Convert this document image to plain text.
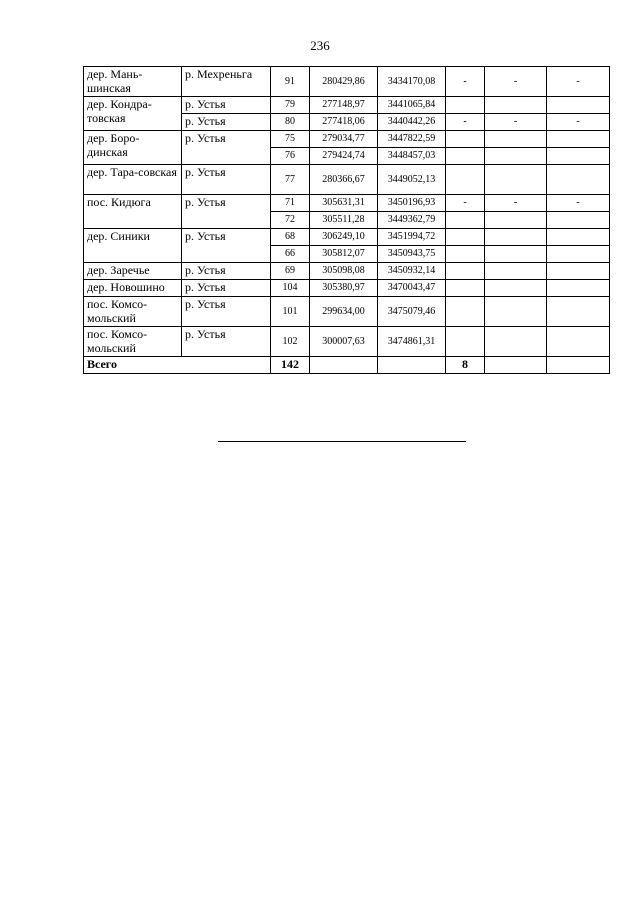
236
дер. Мань-шинская	р. Мехреньга	91	280429,86	3434170,08	-	-	-
дер. Кондра-товская	р. Устья	79	277148,97	3441065,84			
	р. Устья	80	277418,06	3440442,26	-	-	-
дер. Боро-динская	р. Устья	75	279034,77	3447822,59			
		76	279424,74	3448457,03			
дер. Тара-совская	р. Устья	77	280366,67	3449052,13			
пос. Кидюга	р. Устья	71	305631,31	3450196,93	-	-	-
		72	305511,28	3449362,79			
дер. Синики	р. Устья	68	306249,10	3451994,72			
		66	305812,07	3450943,75			
дер. Заречье	р. Устья	69	305098,08	3450932,14			
дер. Новошино	р. Устья	104	305380,97	3470043,47			
пос. Комсо-мольский	р. Устья	101	299634,00	3475079,46			
пос. Комсо-мольский	р. Устья	102	300007,63	3474861,31			
Всего		142			8		
